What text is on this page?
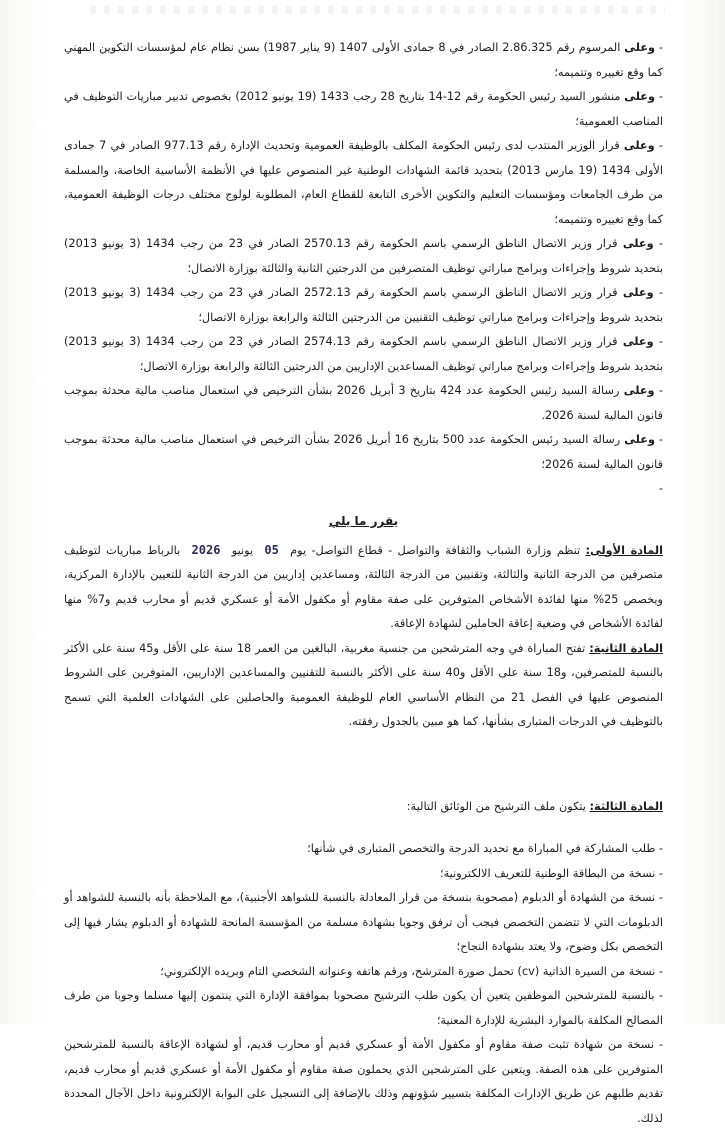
- وعلى المرسوم رقم 2.86.325 الصادر في 8 جمادى الأولى 1407 (9 يناير 1987) بسن نظام عام لمؤسسات التكوين المهني كما وقع تغييره وتتميمه؛

- وعلى منشور السيد رئيس الحكومة رقم 12-14 بتاريخ 28 رجب 1433 (19 يونيو 2012) بخصوص تدبير مباريات التوظيف في المناصب العمومية؛

- وعلى قرار الوزير المنتدب لدى رئيس الحكومة المكلف بالوظيفة العمومية وتحديث الإدارة رقم 977.13 الصادر في 7 جمادى الأولى 1434 (19 مارس 2013) بتحديد قائمة الشهادات الوطنية غير المنصوص عليها في الأنظمة الأساسية الخاصة، والمسلمة من طرف الجامعات ومؤسسات التعليم والتكوين الأخرى التابعة للقطاع العام، المطلوبة لولوج مختلف درجات الوظيفة العمومية، كما وقع تغييره وتتميمه؛

- وعلى قرار وزير الاتصال الناطق الرسمي باسم الحكومة رقم 2570.13 الصادر في 23 من رجب 1434 (3 يونيو 2013) بتحديد شروط وإجراءات وبرامج مباراتي توظيف المتصرفين من الدرجتين الثانية والثالثة بوزارة الاتصال؛

- وعلى قرار وزير الاتصال الناطق الرسمي باسم الحكومة رقم 2572.13 الصادر في 23 من رجب 1434 (3 يونيو 2013) بتحديد شروط وإجراءات وبرامج مباراتي توظيف التقنيين من الدرجتين الثالثة والرابعة بوزارة الاتصال؛

- وعلى قرار وزير الاتصال الناطق الرسمي باسم الحكومة رقم 2574.13 الصادر في 23 من رجب 1434 (3 يونيو 2013) بتحديد شروط وإجراءات وبرامج مباراتي توظيف المساعدين الإداريين من الدرجتين الثالثة والرابعة بوزارة الاتصال؛

- وعلى رسالة السيد رئيس الحكومة عدد 424 بتاريخ 3 أبريل 2026 بشأن الترخيص في استعمال مناصب مالية محدثة بموجب قانون المالية لسنة 2026.

- وعلى رسالة السيد رئيس الحكومة عدد 500 بتاريخ 16 أبريل 2026 بشأن الترخيص في استعمال مناصب مالية محدثة بموجب قانون المالية لسنة 2026؛

-

يقرر ما يلي

المادة الأولى: تنظم وزارة الشباب والثقافة والتواصل - قطاع التواصل- يوم 05 يونيو 2026 بالرباط مباريات لتوظيف متصرفين من الدرجة الثانية والثالثة، وتقنيين من الدرجة الثالثة، ومساعدين إداريين من الدرجة الثانية للتعيين بالإدارة المركزية، ويخصص 25% منها لفائدة الأشخاص المتوفرين على صفة مقاوم أو مكفول الأمة أو عسكري قديم أو محارب قديم و7% منها لفائدة الأشخاص في وضعية إعاقة الحاملين لشهادة الإعاقة.

المادة الثانية: تفتح المباراة في وجه المترشحين من جنسية مغربية، البالغين من العمر 18 سنة على الأقل و45 سنة على الأكثر بالنسبة للمتصرفين، و18 سنة على الأقل و40 سنة على الأكثر بالنسبة للتقنيين والمساعدين الإداريين، المتوفرين على الشروط المنصوص عليها في الفصل 21 من النظام الأساسي العام للوظيفة العمومية والحاصلين على الشهادات العلمية التي تسمح بالتوظيف في الدرجات المتبارى بشأنها، كما هو مبين بالجدول رفقته.

المادة الثالثة: يتكون ملف الترشيح من الوثائق التالية:

- طلب المشاركة في المباراة مع تحديد الدرجة والتخصص المتبارى في شأنها؛
- نسخة من البطاقة الوطنية للتعريف الالكترونية؛
- نسخة من الشهادة أو الدبلوم (مصحوبة بنسخة من قرار المعادلة بالنسبة للشواهد الأجنبية)، مع الملاحظة بأنه بالنسبة للشواهد أو الدبلومات التي لا تتضمن التخصص فيجب أن ترفق وجوبا بشهادة مسلمة من المؤسسة المانحة للشهادة أو الدبلوم يشار فيها إلى التخصص بكل وضوح، ولا يعتد بشهادة النجاح؛
- نسخة من السيرة الذاتية (cv) تحمل صورة المترشح، ورقم هاتفه وعنوانه الشخصي التام وبريده الإلكتروني؛
- بالنسبة للمترشحين الموظفين يتعين أن يكون طلب الترشيح مصحوبا بموافقة الإدارة التي ينتمون إليها مسلما وجوبا من طرف المصالح المكلفة بالموارد البشرية للإدارة المعنية؛
- نسخة من شهادة تثبت صفة مقاوم أو مكفول الأمة أو عسكري قديم أو محارب قديم، أو لشهادة الإعاقة بالنسبة للمترشحين المتوفرين على هذه الصفة. ويتعين على المترشحين الذي يحملون صفة مقاوم أو مكفول الأمة أو عسكري قديم أو محارب قديم، تقديم طلبهم عن طريق الإدارات المكلفة بتسيير شؤونهم وذلك بالإضافة إلى التسجيل على البوابة الإلكترونية داخل الآجال المحددة لذلك.
